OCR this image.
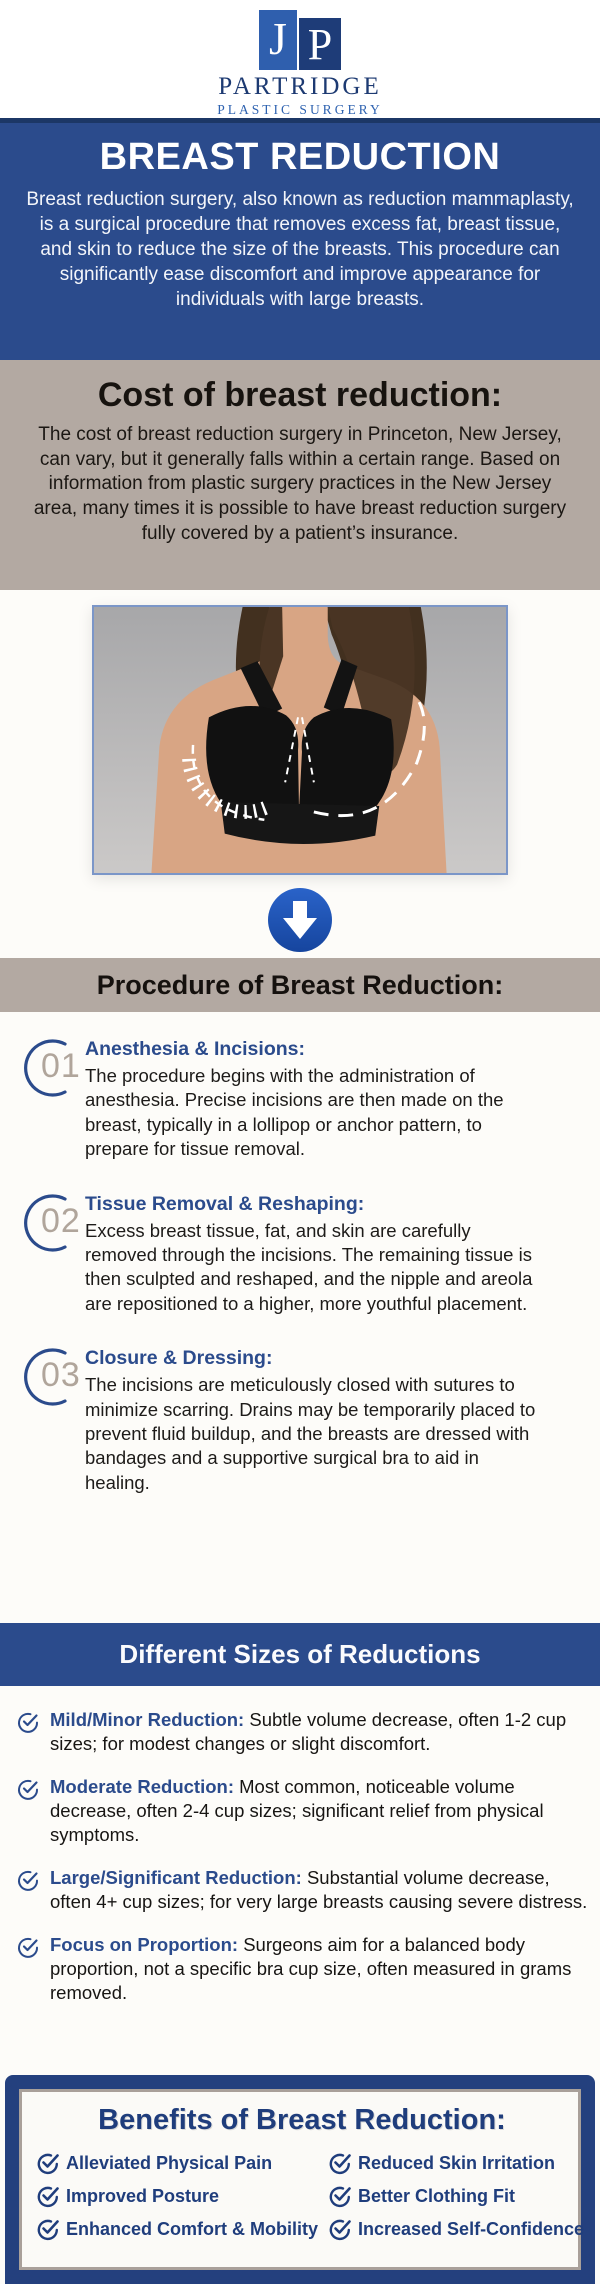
J P
PARTRIDGE
PLASTIC SURGERY
BREAST REDUCTION

Breast reduction surgery, also known as reduction mammaplasty, is a surgical procedure that removes excess fat, breast tissue, and skin to reduce the size of the breasts. This procedure can significantly ease discomfort and improve appearance for individuals with large breasts.

Cost of breast reduction:

The cost of breast reduction surgery in Princeton, New Jersey, can vary, but it generally falls within a certain range. Based on information from plastic surgery practices in the New Jersey area, many times it is possible to have breast reduction surgery fully covered by a patient’s insurance.

Procedure of Breast Reduction:
01 Anesthesia & Incisions:

The procedure begins with the administration of anesthesia. Precise incisions are then made on the breast, typically in a lollipop or anchor pattern, to prepare for tissue removal.

02 Tissue Removal & Reshaping:

Excess breast tissue, fat, and skin are carefully removed through the incisions. The remaining tissue is then sculpted and reshaped, and the nipple and areola are repositioned to a higher, more youthful placement.

03 Closure & Dressing:

The incisions are meticulously closed with sutures to minimize scarring. Drains may be temporarily placed to prevent fluid buildup, and the breasts are dressed with bandages and a supportive surgical bra to aid in healing.

Different Sizes of Reductions
Mild/Minor Reduction: Subtle volume decrease, often 1-2 cup sizes; for modest changes or slight discomfort.
Moderate Reduction: Most common, noticeable volume decrease, often 2-4 cup sizes; significant relief from physical symptoms.
Large/Significant Reduction: Substantial volume decrease, often 4+ cup sizes; for very large breasts causing severe distress.
Focus on Proportion: Surgeons aim for a balanced body proportion, not a specific bra cup size, often measured in grams removed.
Benefits of Breast Reduction:
Alleviated Physical Pain
Improved Posture
Enhanced Comfort & Mobility
Reduced Skin Irritation
Better Clothing Fit
Increased Self-Confidence
